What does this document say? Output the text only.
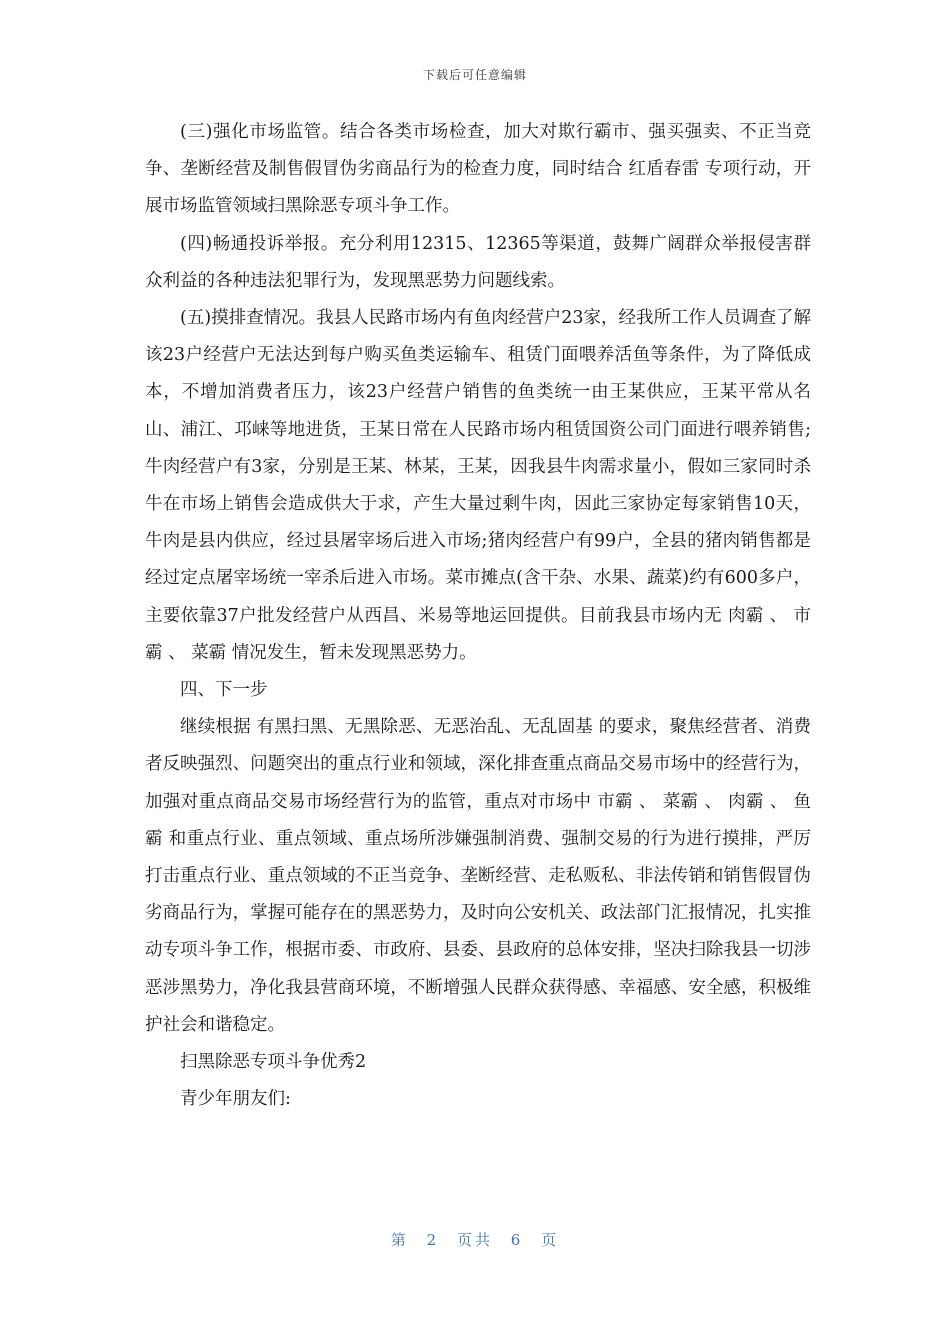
下载后可任意编辑

(三)强化市场监管。结合各类市场检查，加大对欺行霸市、强买强卖、不正当竞争、垄断经营及制售假冒伪劣商品行为的检查力度，同时结合 红盾春雷 专项行动，开展市场监管领域扫黑除恶专项斗争工作。

(四)畅通投诉举报。充分利用12315、12365等渠道，鼓舞广阔群众举报侵害群众利益的各种违法犯罪行为，发现黑恶势力问题线索。

(五)摸排查情况。我县人民路市场内有鱼肉经营户23家，经我所工作人员调查了解该23户经营户无法达到每户购买鱼类运输车、租赁门面喂养活鱼等条件，为了降低成本，不增加消费者压力，该23户经营户销售的鱼类统一由王某供应，王某平常从名山、浦江、邛崃等地进货，王某日常在人民路市场内租赁国资公司门面进行喂养销售;牛肉经营户有3家，分别是王某、林某，王某，因我县牛肉需求量小，假如三家同时杀牛在市场上销售会造成供大于求，产生大量过剩牛肉，因此三家协定每家销售10天，牛肉是县内供应，经过县屠宰场后进入市场;猪肉经营户有99户，全县的猪肉销售都是经过定点屠宰场统一宰杀后进入市场。菜市摊点(含干杂、水果、蔬菜)约有600多户，主要依靠37户批发经营户从西昌、米易等地运回提供。目前我县市场内无 肉霸 、 市霸 、 菜霸 情况发生，暂未发现黑恶势力。

四、下一步

继续根据 有黑扫黑、无黑除恶、无恶治乱、无乱固基 的要求，聚焦经营者、消费者反映强烈、问题突出的重点行业和领域，深化排查重点商品交易市场中的经营行为，加强对重点商品交易市场经营行为的监管，重点对市场中 市霸 、 菜霸 、 肉霸 、 鱼霸 和重点行业、重点领域、重点场所涉嫌强制消费、强制交易的行为进行摸排，严厉打击重点行业、重点领域的不正当竞争、垄断经营、走私贩私、非法传销和销售假冒伪劣商品行为，掌握可能存在的黑恶势力，及时向公安机关、政法部门汇报情况，扎实推动专项斗争工作，根据市委、市政府、县委、县政府的总体安排，坚决扫除我县一切涉恶涉黑势力，净化我县营商环境，不断增强人民群众获得感、幸福感、安全感，积极维护社会和谐稳定。

扫黑除恶专项斗争优秀2

青少年朋友们:

第 2 页共 6 页
